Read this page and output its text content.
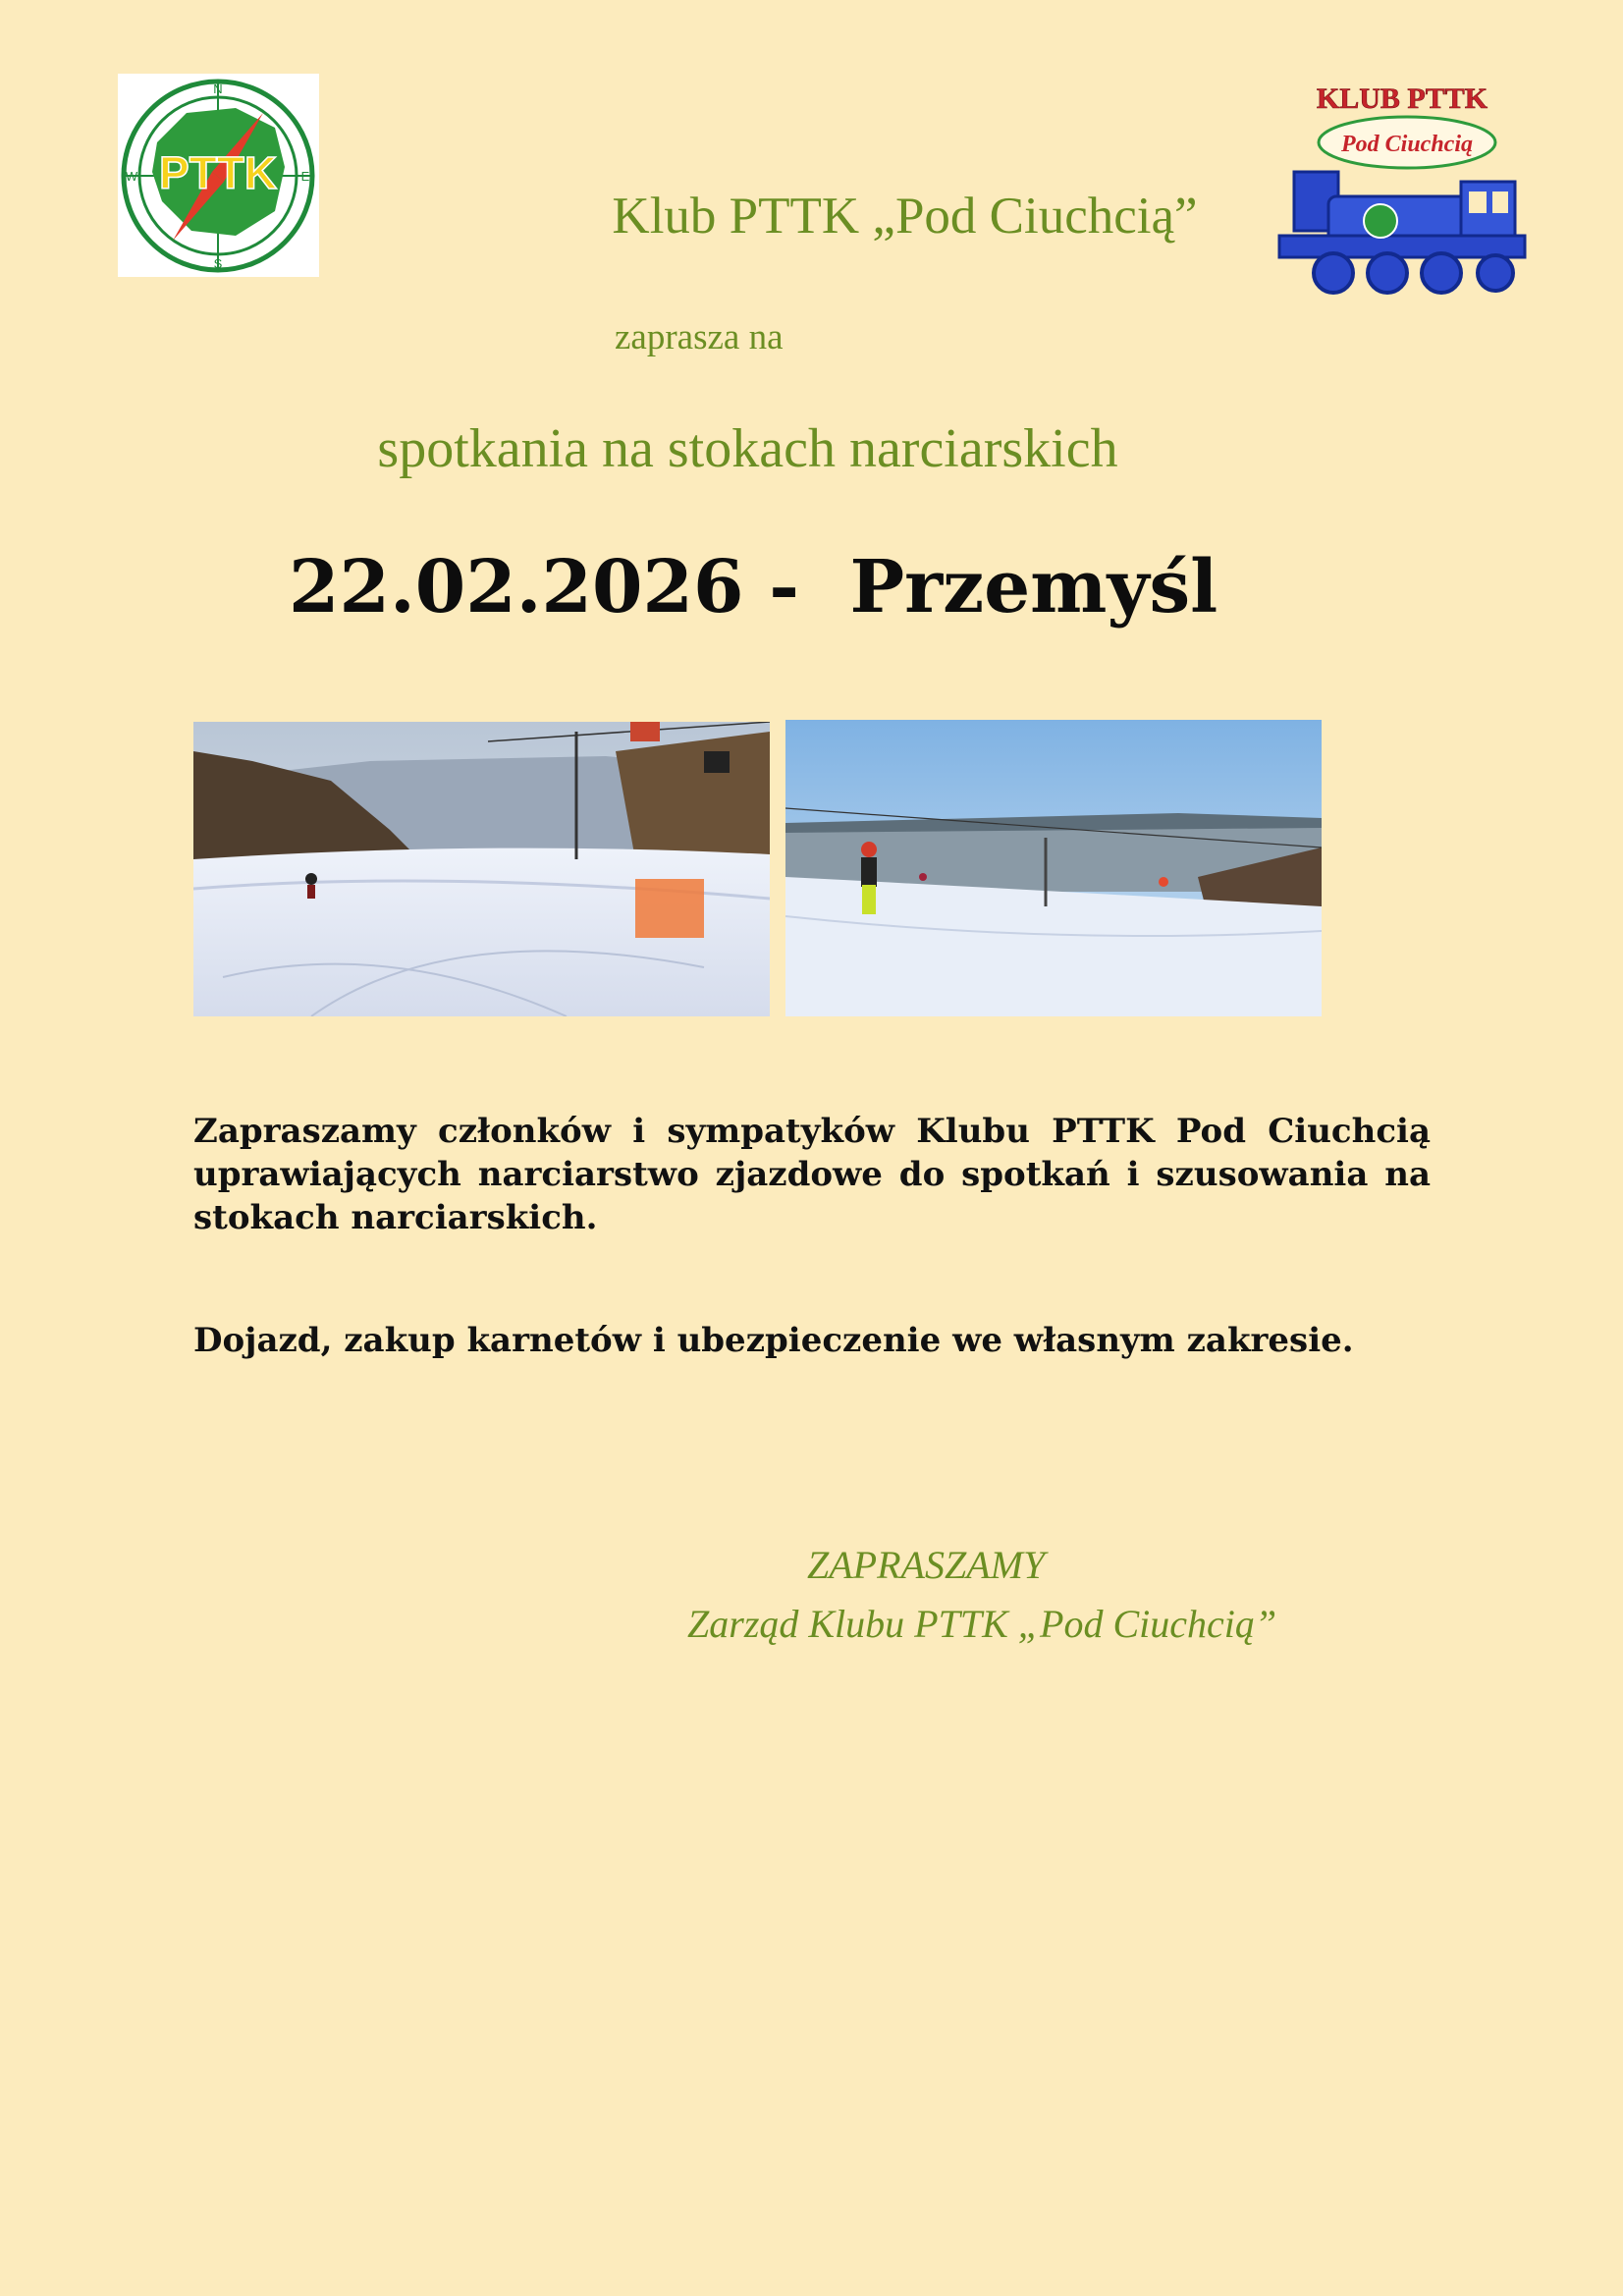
PTTK
N
E
S
W
KLUB PTTK
Pod Ciuchcią
Klub PTTK „Pod Ciuchcią”
zaprasza na
spotkania na stokach narciarskich
22.02.2026 -  Przemyśl
Zapraszamy członków i sympatyków Klubu PTTK Pod Ciuchcią uprawiających narciarstwo zjazdowe do spotkań i szusowania na stokach narciarskich.
Dojazd, zakup karnetów i ubezpieczenie we własnym zakresie.
ZAPRASZAMY
Zarząd Klubu PTTK „Pod Ciuchcią”
